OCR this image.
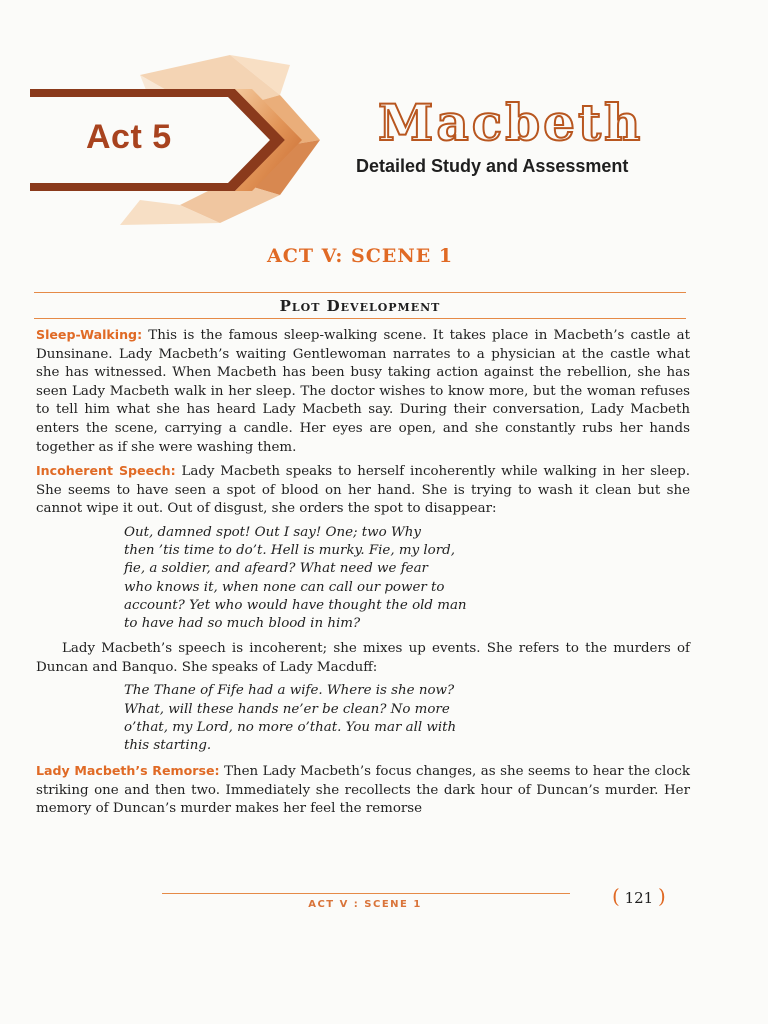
Act 5	Macbeth
Detailed Study and Assessment
ACT V: SCENE 1
Plot Development

Sleep-Walking: This is the famous sleep-walking scene. It takes place in Macbeth’s castle at Dunsinane. Lady Macbeth’s waiting Gentlewoman narrates to a physician at the castle what she has witnessed. When Macbeth has been busy taking action against the rebellion, she has seen Lady Macbeth walk in her sleep. The doctor wishes to know more, but the woman refuses to tell him what she has heard Lady Macbeth say. During their conversation, Lady Macbeth enters the scene, carrying a candle. Her eyes are open, and she constantly rubs her hands together as if she were washing them.

Incoherent Speech: Lady Macbeth speaks to herself incoherently while walking in her sleep. She seems to have seen a spot of blood on her hand. She is trying to wash it clean but she cannot wipe it out. Out of disgust, she orders the spot to disappear:

Out, damned spot! Out I say! One; two Why
then ’tis time to do’t. Hell is murky. Fie, my lord,
fie, a soldier, and afeard? What need we fear
who knows it, when none can call our power to
account? Yet who would have thought the old man
to have had so much blood in him?

Lady Macbeth’s speech is incoherent; she mixes up events. She refers to the murders of Duncan and Banquo. She speaks of Lady Macduff:

The Thane of Fife had a wife. Where is she now?
What, will these hands ne’er be clean? No more
o’that, my Lord, no more o’that. You mar all with
this starting.

Lady Macbeth’s Remorse: Then Lady Macbeth’s focus changes, as she seems to hear the clock striking one and then two. Immediately she recollects the dark hour of Duncan’s murder. Her memory of Duncan’s murder makes her feel the remorse

ACT V : SCENE 1	( 121 )
